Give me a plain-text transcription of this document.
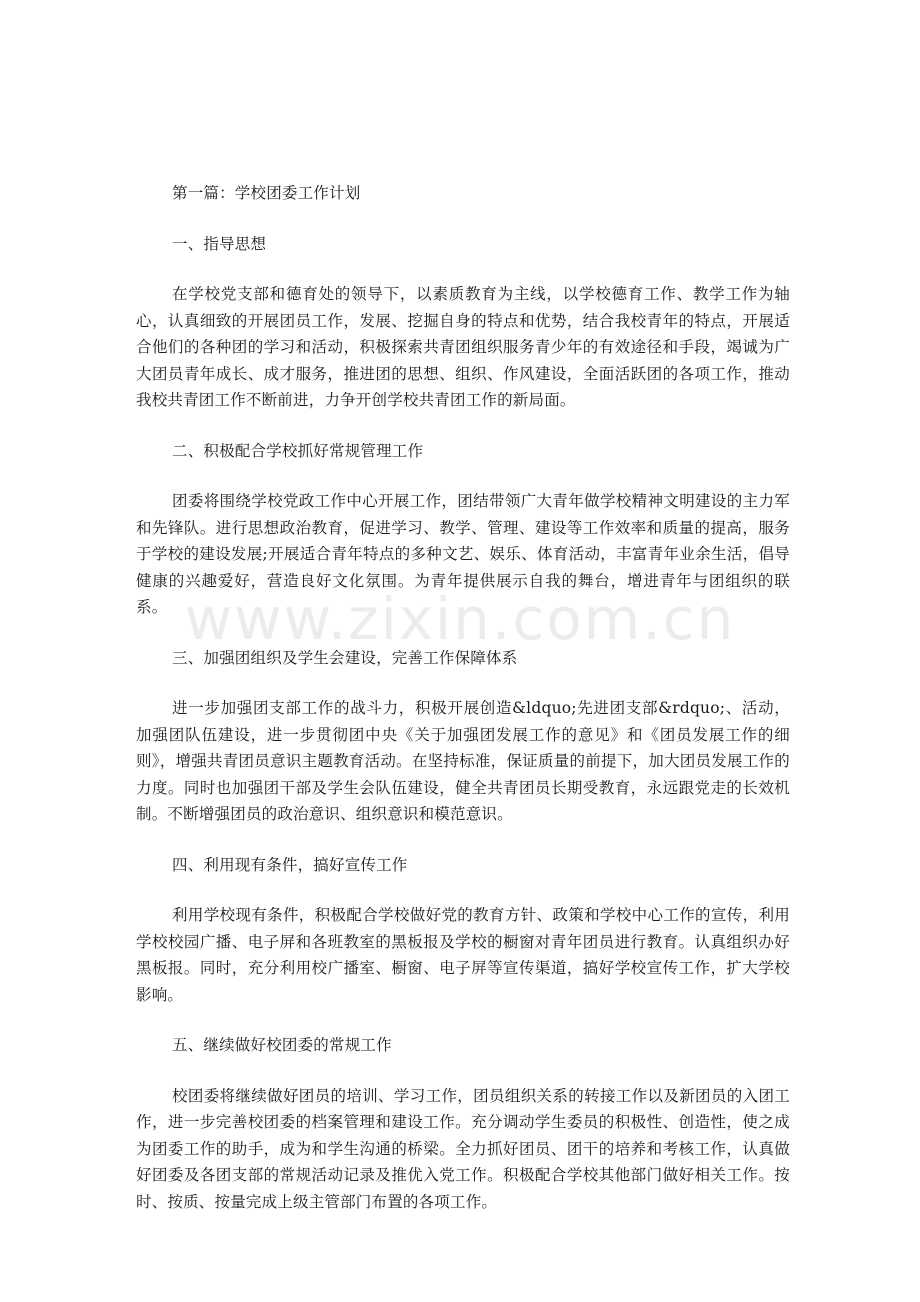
www.zixin.com.cn

第一篇：学校团委工作计划

一、指导思想

在学校党支部和德育处的领导下，以素质教育为主线，以学校德育工作、教学工作为轴心，认真细致的开展团员工作，发展、挖掘自身的特点和优势，结合我校青年的特点，开展适合他们的各种团的学习和活动，积极探索共青团组织服务青少年的有效途径和手段，竭诚为广大团员青年成长、成才服务，推进团的思想、组织、作风建设，全面活跃团的各项工作，推动我校共青团工作不断前进，力争开创学校共青团工作的新局面。

二、积极配合学校抓好常规管理工作

团委将围绕学校党政工作中心开展工作，团结带领广大青年做学校精神文明建设的主力军和先锋队。进行思想政治教育，促进学习、教学、管理、建设等工作效率和质量的提高，服务于学校的建设发展;开展适合青年特点的多种文艺、娱乐、体育活动，丰富青年业余生活，倡导健康的兴趣爱好，营造良好文化氛围。为青年提供展示自我的舞台，增进青年与团组织的联系。

三、加强团组织及学生会建设，完善工作保障体系

进一步加强团支部工作的战斗力，积极开展创造&ldquo;先进团支部&rdquo;、活动，加强团队伍建设，进一步贯彻团中央《关于加强团发展工作的意见》和《团员发展工作的细则》，增强共青团员意识主题教育活动。在坚持标准，保证质量的前提下，加大团员发展工作的力度。同时也加强团干部及学生会队伍建设，健全共青团员长期受教育，永远跟党走的长效机制。不断增强团员的政治意识、组织意识和模范意识。

四、利用现有条件，搞好宣传工作

利用学校现有条件，积极配合学校做好党的教育方针、政策和学校中心工作的宣传，利用学校校园广播、电子屏和各班教室的黑板报及学校的橱窗对青年团员进行教育。认真组织办好黑板报。同时，充分利用校广播室、橱窗、电子屏等宣传渠道，搞好学校宣传工作，扩大学校影响。

五、继续做好校团委的常规工作

校团委将继续做好团员的培训、学习工作，团员组织关系的转接工作以及新团员的入团工作，进一步完善校团委的档案管理和建设工作。充分调动学生委员的积极性、创造性，使之成为团委工作的助手，成为和学生沟通的桥梁。全力抓好团员、团干的培养和考核工作，认真做好团委及各团支部的常规活动记录及推优入党工作。积极配合学校其他部门做好相关工作。按时、按质、按量完成上级主管部门布置的各项工作。
